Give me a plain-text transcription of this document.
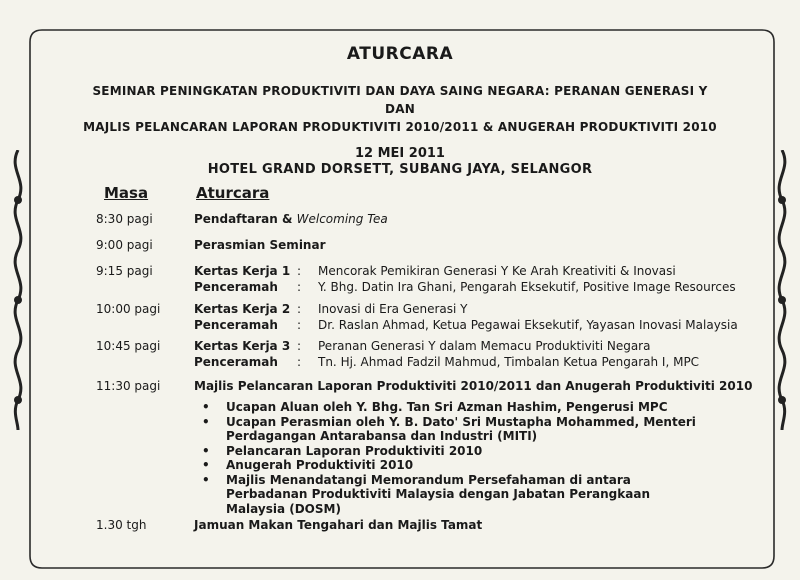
ATURCARA
SEMINAR PENINGKATAN PRODUKTIVITI DAN DAYA SAING NEGARA: PERANAN GENERASI Y
DAN
MAJLIS PELANCARAN LAPORAN PRODUKTIVITI 2010/2011 & ANUGERAH PRODUKTIVITI 2010
12 MEI 2011
HOTEL GRAND DORSETT, SUBANG JAYA, SELANGOR
Masa	Aturcara
8:30 pagi	Pendaftaran & Welcoming Tea
9:00 pagi	Perasmian Seminar
9:15 pagi	Kertas Kerja 1 : Mencorak Pemikiran Generasi Y Ke Arah Kreativiti & Inovasi
Penceramah : Y. Bhg. Datin Ira Ghani, Pengarah Eksekutif, Positive Image Resources
10:00 pagi	Kertas Kerja 2 : Inovasi di Era Generasi Y
Penceramah : Dr. Raslan Ahmad, Ketua Pegawai Eksekutif, Yayasan Inovasi Malaysia
10:45 pagi	Kertas Kerja 3 : Peranan Generasi Y dalam Memacu Produktiviti Negara
Penceramah : Tn. Hj. Ahmad Fadzil Mahmud, Timbalan Ketua Pengarah I, MPC
11:30 pagi	Majlis Pelancaran Laporan Produktiviti 2010/2011 dan Anugerah Produktiviti 2010
• Ucapan Aluan oleh Y. Bhg. Tan Sri Azman Hashim, Pengerusi MPC
• Ucapan Perasmian oleh Y. B. Dato' Sri Mustapha Mohammed, Menteri Perdagangan Antarabansa dan Industri (MITI)
• Pelancaran Laporan Produktiviti 2010
• Anugerah Produktiviti 2010
• Majlis Menandatangi Memorandum Persefahaman di antara Perbadanan Produktiviti Malaysia dengan Jabatan Perangkaan Malaysia (DOSM)
1.30 tgh	Jamuan Makan Tengahari dan Majlis Tamat
